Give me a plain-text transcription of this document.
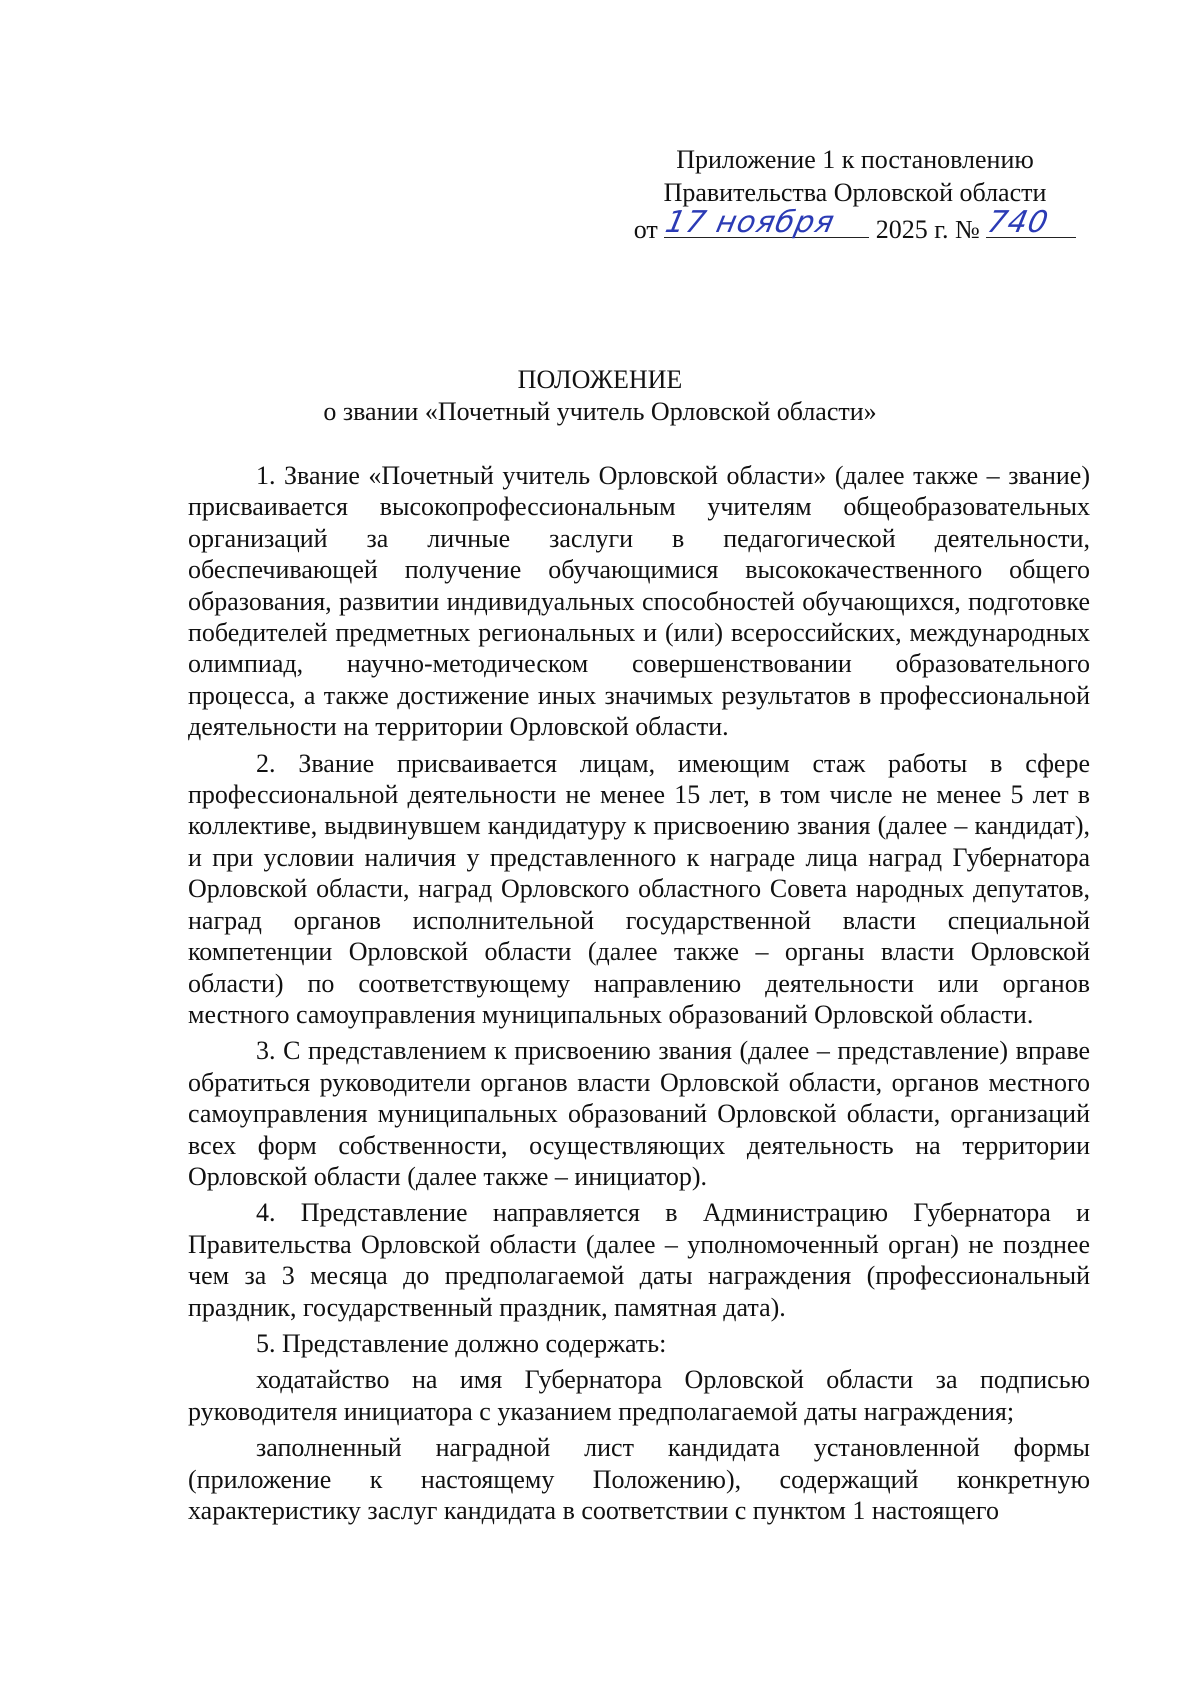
Приложение 1 к постановлению
Правительства Орловской области
от 17 ноября 2025 г. № 740
ПОЛОЖЕНИЕ
о звании «Почетный учитель Орловской области»

1. Звание «Почетный учитель Орловской области» (далее также – звание) присваивается высокопрофессиональным учителям общеобразовательных организаций за личные заслуги в педагогической деятельности, обеспечивающей получение обучающимися высококачественного общего образования, развитии индивидуальных способностей обучающихся, подготовке победителей предметных региональных и (или) всероссийских, международных олимпиад, научно-методическом совершенствовании образовательного процесса, а также достижение иных значимых результатов в профессиональной деятельности на территории Орловской области.

2. Звание присваивается лицам, имеющим стаж работы в сфере профессиональной деятельности не менее 15 лет, в том числе не менее 5 лет в коллективе, выдвинувшем кандидатуру к присвоению звания (далее – кандидат), и при условии наличия у представленного к награде лица наград Губернатора Орловской области, наград Орловского областного Совета народных депутатов, наград органов исполнительной государственной власти специальной компетенции Орловской области (далее также – органы власти Орловской области) по соответствующему направлению деятельности или органов местного самоуправления муниципальных образований Орловской области.

3. С представлением к присвоению звания (далее – представление) вправе обратиться руководители органов власти Орловской области, органов местного самоуправления муниципальных образований Орловской области, организаций всех форм собственности, осуществляющих деятельность на территории Орловской области (далее также – инициатор).

4. Представление направляется в Администрацию Губернатора и Правительства Орловской области (далее – уполномоченный орган) не позднее чем за 3 месяца до предполагаемой даты награждения (профессиональный праздник, государственный праздник, памятная дата).

5. Представление должно содержать:

ходатайство на имя Губернатора Орловской области за подписью руководителя инициатора с указанием предполагаемой даты награждения;

заполненный наградной лист кандидата установленной формы (приложение к настоящему Положению), содержащий конкретную характеристику заслуг кандидата в соответствии с пунктом 1 настоящего
